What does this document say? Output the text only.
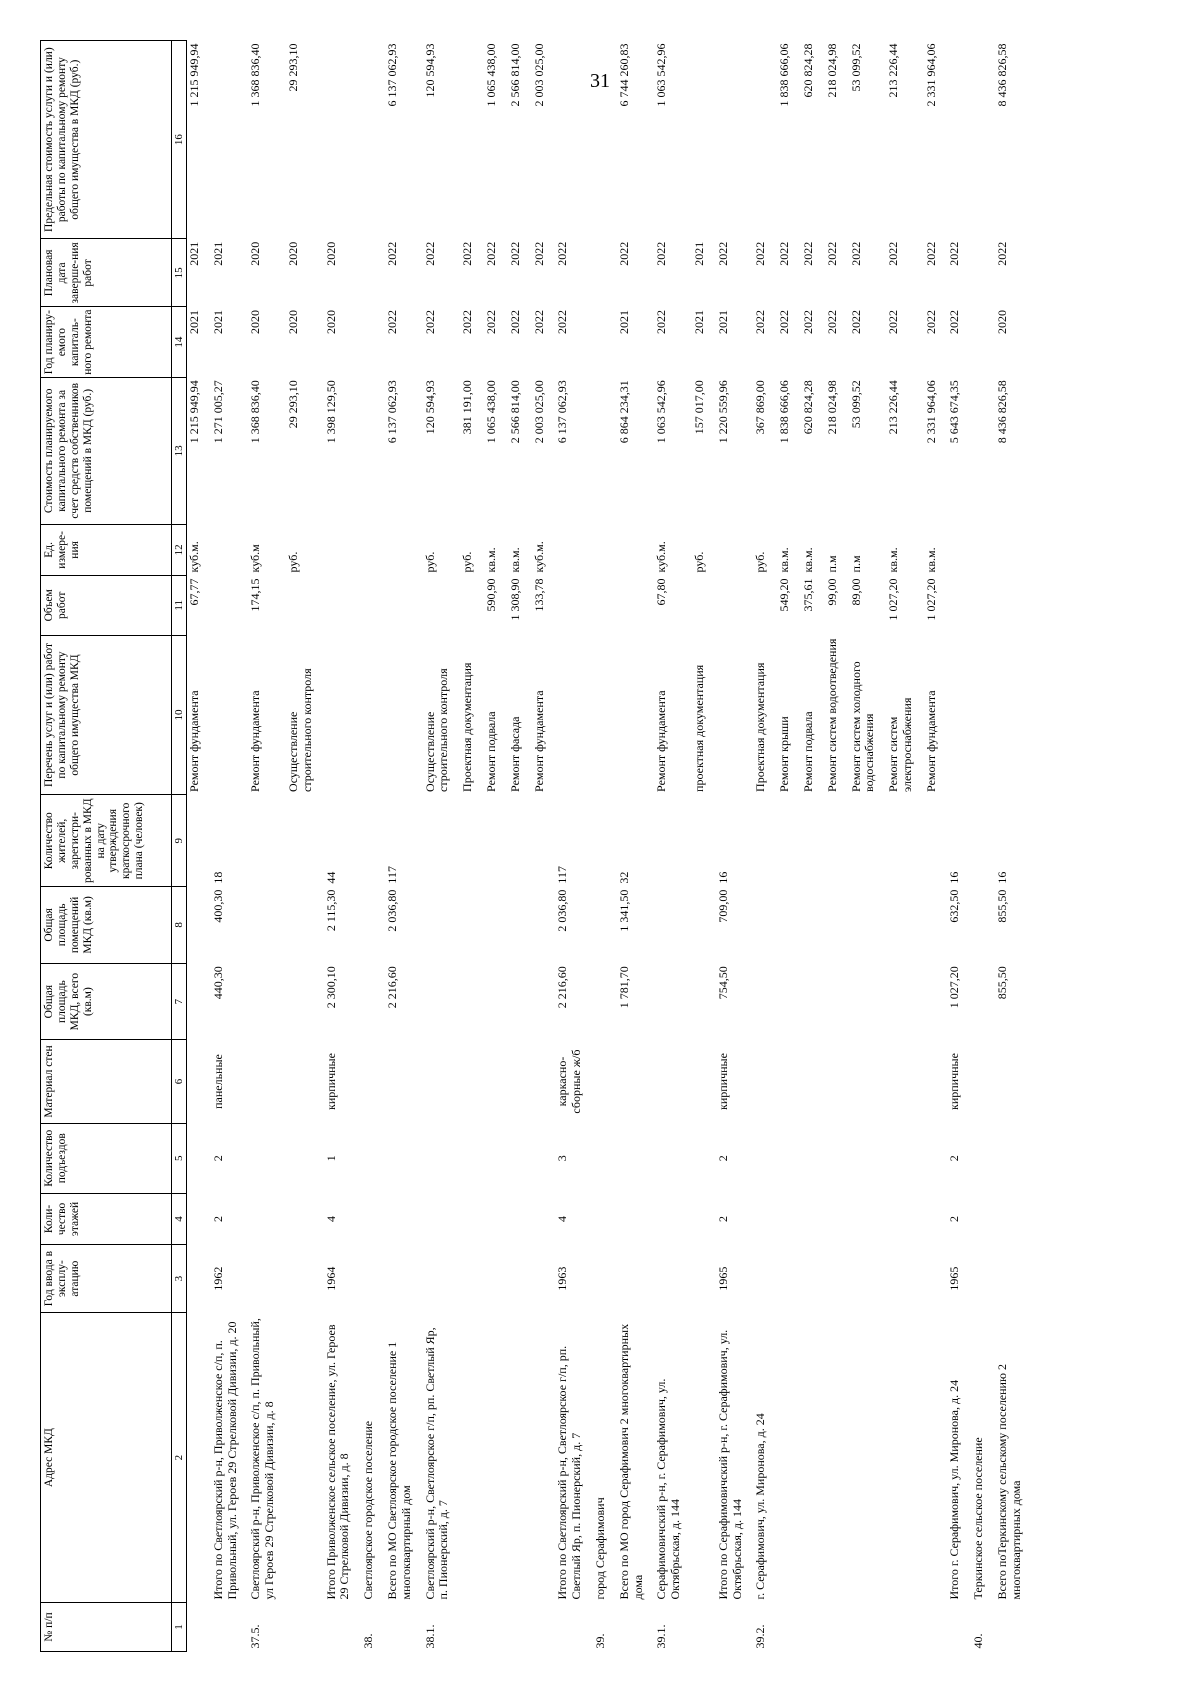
31
№ п/п	Адрес МКД	Год ввода в эксплу-атацию	Коли-чество этажей	Количество подъездов	Материал стен	Общая площадь МКД, всего (кв.м)	Общая площадь помещений МКД (кв.м)	Количество жителей, зарегистри-рованных в МКД на дату утверждения краткосрочного плана (человек)	Перечень услуг и (или) работ по капитальному ремонту общего имущества МКД	Объем работ	Ед. измере-ния	Стоимость планируемого капитального ремонта за счет средств собственников помещений в МКД (руб.)	Год планиру-емого капиталь-ного ремонта	Плановая дата заверше-ния работ	Предельная стоимость услуги и (или) работы по капитальному ремонту общего имущества в МКД (руб.)
1	2	3	4	5	6	7	8	9	10	11	12	13	14	15	16
									Ремонт фундамента	67,77	куб.м.	1 215 949,94	2021	2021	1 215 949,94

	Итого по Светлоярский р-н, Приволженское с/п, п. Привольный, ул. Героев 29 Стрелковой Дивизии, д. 20	1962	2	2	панельные	440,30	400,30	18				1 271 005,27	2021	2021	

37.5.	Светлоярский р-н, Приволженское с/п, п. Привольный, ул Героев 29 Стрелковой Дивизии, д. 8								Ремонт фундамента	174,15	куб.м	1 368 836,40	2020	2020	1 368 836,40

									Осуществление строительного контроля		руб.	29 293,10	2020	2020	29 293,10

	Итого Приволженское сельское поселение, ул. Героев 29 Стрелковой Дивизии, д. 8	1964	4	1	кирпичные	2 300,10	2 115,30	44				1 398 129,50	2020	2020	

38.	Светлоярское городское поселение														

	Всего по МО Светлоярское городское поселение 1 многоквартирный дом					2 216,60	2 036,80	117				6 137 062,93	2022	2022	6 137 062,93

38.1.	Светлоярский р-н, Светлоярское г/п, рп. Светлый Яр, п. Пионерский, д. 7								Осуществление строительного контроля		руб.	120 594,93	2022	2022	120 594,93

									Проектная документация		руб.	381 191,00	2022	2022	

									Ремонт подвала	590,90	кв.м.	1 065 438,00	2022	2022	1 065 438,00

									Ремонт фасада	1 308,90	кв.м.	2 566 814,00	2022	2022	2 566 814,00

									Ремонт фундамента	133,78	куб.м.	2 003 025,00	2022	2022	2 003 025,00

	Итого по Светлоярский р-н, Светлоярское г/п, рп. Светлый Яр, п. Пионерский, д. 7	1963	4	3	каркасно-сборные ж/б	2 216,60	2 036,80	117				6 137 062,93	2022	2022	

39.	город Серафимович														

	Всего по МО город Серафимович 2 многоквартирных дома					1 781,70	1 341,50	32				6 864 234,31	2021	2022	6 744 260,83

39.1.	Серафимовичский р-н, г. Серафимович, ул. Октябрьская, д. 144								Ремонт фундамента	67,80	куб.м.	1 063 542,96	2022	2022	1 063 542,96

									проектная документация		руб.	157 017,00	2021	2021	

	Итого по Серафимовичский р-н, г. Серафимович, ул. Октябрьская, д. 144	1965	2	2	кирпичные	754,50	709,00	16				1 220 559,96	2021	2022	

39.2.	г. Серафимович, ул. Миронова, д. 24								Проектная документация		руб.	367 869,00	2022	2022	

									Ремонт крыши	549,20	кв.м.	1 838 666,06	2022	2022	1 838 666,06

									Ремонт подвала	375,61	кв.м.	620 824,28	2022	2022	620 824,28

									Ремонт систем водоотведения	99,00	п.м	218 024,98	2022	2022	218 024,98

									Ремонт систем холодного водоснабжения	89,00	п.м	53 099,52	2022	2022	53 099,52

									Ремонт систем электроснабжения	1 027,20	кв.м.	213 226,44	2022	2022	213 226,44

									Ремонт фундамента	1 027,20	кв.м.	2 331 964,06	2022	2022	2 331 964,06

	Итого г. Серафимович, ул. Миронова, д. 24	1965	2	2	кирпичные	1 027,20	632,50	16				5 643 674,35	2022	2022	

40.	Теркинское сельское поселение														

	Всего поТеркинскому сельскому поселению 2 многоквартирных дома					855,50	855,50	16				8 436 826,58	2020	2022	8 436 826,58
